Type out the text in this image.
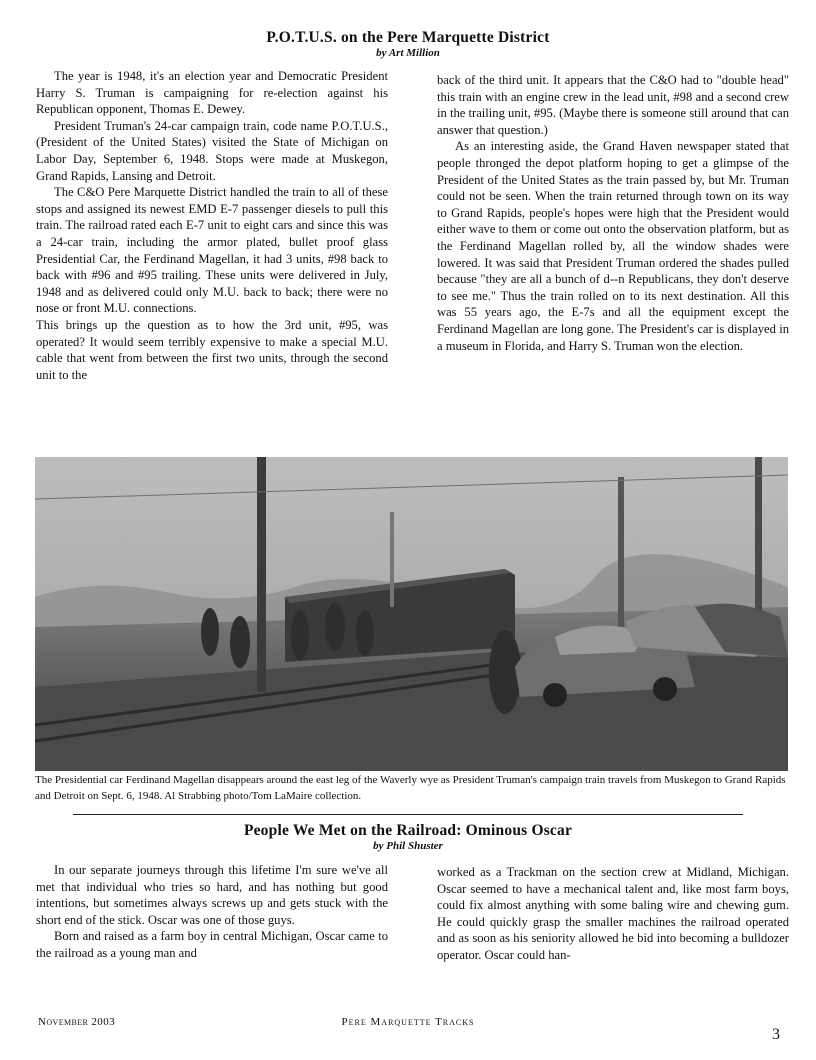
P.O.T.U.S. on the Pere Marquette District
by Art Million

The year is 1948, it's an election year and Democratic President Harry S. Truman is campaigning for re-election against his Republican opponent, Thomas E. Dewey.

President Truman's 24-car campaign train, code name P.O.T.U.S., (President of the United States) visited the State of Michigan on Labor Day, September 6, 1948. Stops were made at Muskegon, Grand Rapids, Lansing and Detroit.

The C&O Pere Marquette District handled the train to all of these stops and assigned its newest EMD E-7 passenger diesels to pull this train. The railroad rated each E-7 unit to eight cars and since this was a 24-car train, including the armor plated, bullet proof glass Presidential Car, the Ferdinand Magellan, it had 3 units, #98 back to back with #96 and #95 trailing. These units were delivered in July, 1948 and as delivered could only M.U. back to back; there were no nose or front M.U. connections.

This brings up the question as to how the 3rd unit, #95, was operated? It would seem terribly expensive to make a special M.U. cable that went from between the first two units, through the second unit to the

back of the third unit. It appears that the C&O had to "double head" this train with an engine crew in the lead unit, #98 and a second crew in the trailing unit, #95. (Maybe there is someone still around that can answer that question.)

As an interesting aside, the Grand Haven newspaper stated that people thronged the depot platform hoping to get a glimpse of the President of the United States as the train passed by, but Mr. Truman could not be seen. When the train returned through town on its way to Grand Rapids, people's hopes were high that the President would either wave to them or come out onto the observation platform, but as the Ferdinand Magellan rolled by, all the window shades were lowered. It was said that President Truman ordered the shades pulled because "they are all a bunch of d--n Republicans, they don't deserve to see me." Thus the train rolled on to its next destination. All this was 55 years ago, the E-7s and all the equipment except the Ferdinand Magellan are long gone. The President's car is displayed in a museum in Florida, and Harry S. Truman won the election.

The Presidential car Ferdinand Magellan disappears around the east leg of the Waverly wye as President Truman's campaign train travels from Muskegon to Grand Rapids and Detroit on Sept. 6, 1948. Al Strabbing photo/Tom LaMaire collection.
People We Met on the Railroad: Ominous Oscar
by Phil Shuster

In our separate journeys through this lifetime I'm sure we've all met that individual who tries so hard, and has nothing but good intentions, but sometimes always screws up and gets stuck with the short end of the stick. Oscar was one of those guys.

Born and raised as a farm boy in central Michigan, Oscar came to the railroad as a young man and

worked as a Trackman on the section crew at Midland, Michigan. Oscar seemed to have a mechanical talent and, like most farm boys, could fix almost anything with some baling wire and chewing gum. He could quickly grasp the smaller machines the railroad operated and as soon as his seniority allowed he bid into becoming a bulldozer operator. Oscar could han-

November 2003	Pere Marquette Tracks
3
